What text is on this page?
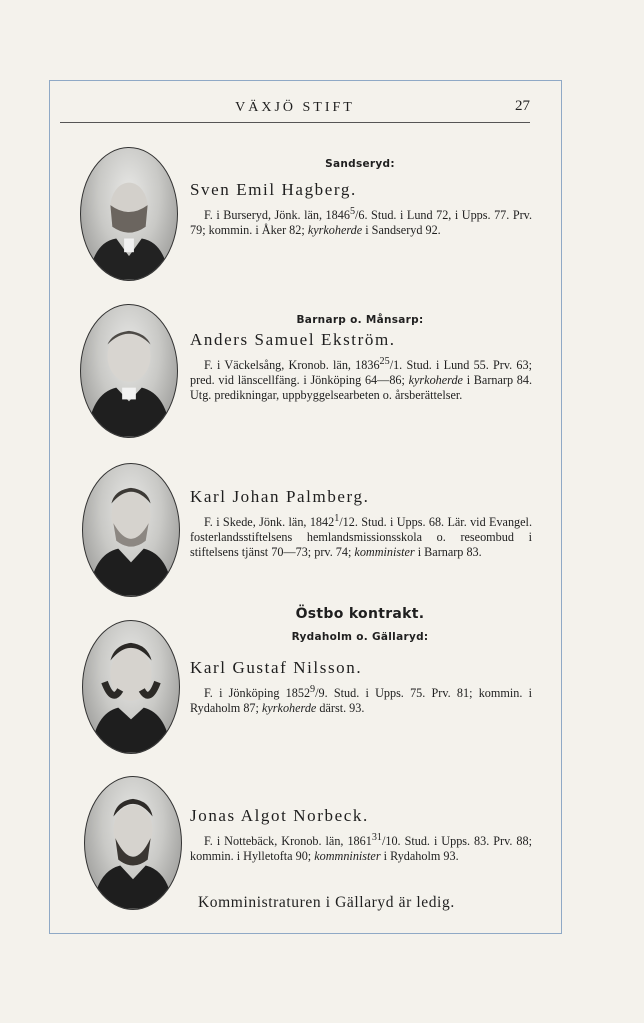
VÄXJÖ STIFT	27
Sandseryd:
Barnarp o. Månsarp:
Östbo kontrakt.
Rydaholm o. Gällaryd:
Sven Emil Hagberg.
F. i Burseryd, Jönk. län, 1846$^5$/6. Stud. i Lund 72, i Upps. 77. Prv. 79; kommin. i Åker 82; kyrkoherde i Sandseryd 92.
Anders Samuel Ekström.
F. i Väckelsång, Kronob. län, 1836$^{25}$/1. Stud. i Lund 55. Prv. 63; pred. vid länscellfäng. i Jönköping 64—86; kyrkoherde i Barnarp 84. Utg. predikningar, uppbyggelsearbeten o. årsberättelser.
Karl Johan Palmberg.
F. i Skede, Jönk. län, 1842$^1$/12. Stud. i Upps. 68. Lär. vid Evangel. fosterlandsstiftelsens hemlandsmissionsskola o. reseombud i stiftelsens tjänst 70—73; prv. 74; komminister i Barnarp 83.
Karl Gustaf Nilsson.
F. i Jönköping 1852$^9$/9. Stud. i Upps. 75. Prv. 81; kommin. i Rydaholm 87; kyrkoherde därst. 93.
Jonas Algot Norbeck.
F. i Nottebäck, Kronob. län, 1861$^{31}$/10. Stud. i Upps. 83. Prv. 88; kommin. i Hylletofta 90; kommninister i Rydaholm 93.
Komministraturen i Gällaryd är ledig.
